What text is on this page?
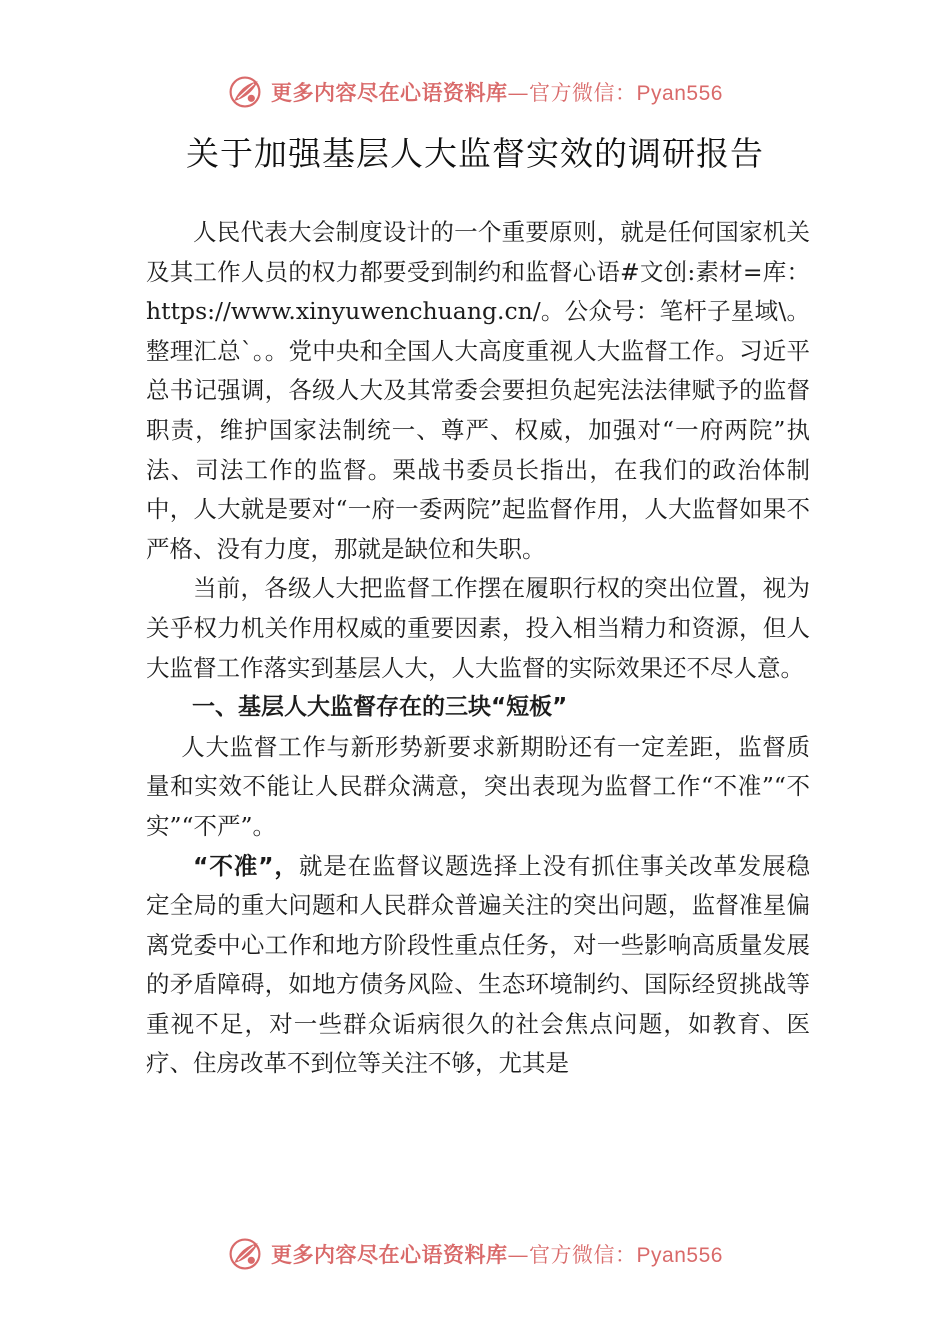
更多内容尽在心语资料库—官方微信：Pyan556
关于加强基层人大监督实效的调研报告

人民代表大会制度设计的一个重要原则，就是任何国家机关及其工作人员的权力都要受到制约和监督心语#文创:素材=库：https://www.xinyuwenchuang.cn/。公众号：笔杆子星域\。整理汇总`。。党中央和全国人大高度重视人大监督工作。习近平总书记强调，各级人大及其常委会要担负起宪法法律赋予的监督职责，维护国家法制统一、尊严、权威，加强对“一府两院”执法、司法工作的监督。栗战书委员长指出，在我们的政治体制中，人大就是要对“一府一委两院”起监督作用，人大监督如果不严格、没有力度，那就是缺位和失职。

当前，各级人大把监督工作摆在履职行权的突出位置，视为关乎权力机关作用权威的重要因素，投入相当精力和资源，但人大监督工作落实到基层人大，人大监督的实际效果还不尽人意。

一、基层人大监督存在的三块“短板”

人大监督工作与新形势新要求新期盼还有一定差距，监督质量和实效不能让人民群众满意，突出表现为监督工作“不准”“不实”“不严”。

“不准”，就是在监督议题选择上没有抓住事关改革发展稳定全局的重大问题和人民群众普遍关注的突出问题，监督准星偏离党委中心工作和地方阶段性重点任务，对一些影响高质量发展的矛盾障碍，如地方债务风险、生态环境制约、国际经贸挑战等重视不足，对一些群众诟病很久的社会焦点问题，如教育、医疗、住房改革不到位等关注不够，尤其是

更多内容尽在心语资料库—官方微信：Pyan556
